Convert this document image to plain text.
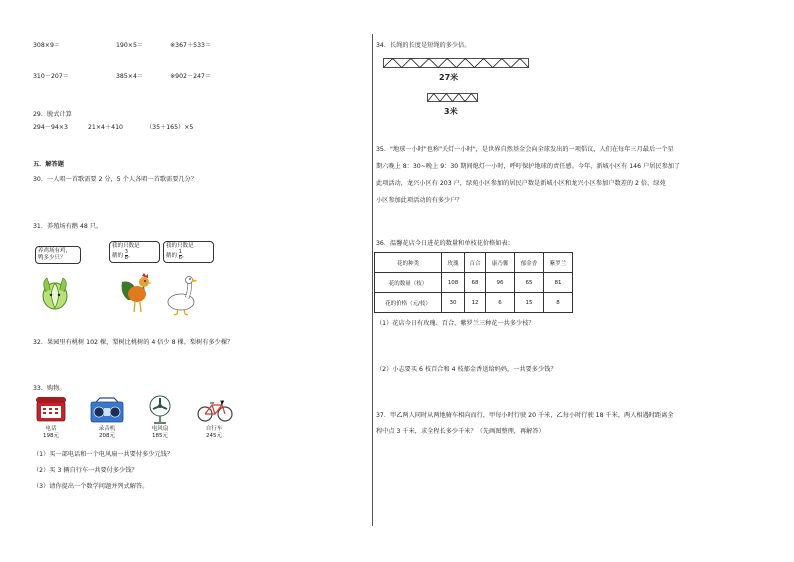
308×9＝	190×5＝	※367＋533＝
310－207＝	385×4＝	※902－247＝
29．脱式计算
294－94×3	21×4＋410	（35＋165）×5
五．解答题
30．一人唱一首歌需要 2 分，5 个人各唱一首歌需要几分？
31．养殖场有鹅 48 只。
养鸡场有鸡，
鸭多少只？
我的只数是
鹅的 $\frac{3}{8}$ 。
我的只数是
鹅的 $\frac{1}{6}$ 。
32．果园里有桃树 102 棵，梨树比桃树的 4 倍少 8 棵。梨树有多少棵？
33．购物。
电话
198元
录音机
208元
电风扇
185元
自行车
245元
（1）买一部电话和一个电风扇一共要付多少元钱？
（2）买 3 辆自行车一共要付多少钱？
（3）请你提出一个数学问题并列式解答。
34．长绳的长度是短绳的多少倍。
27米
3米
35．"地球一小时"也称"关灯一小时"，是世界自然基金会向全球发出的一项倡议，人们在每年三月最后一个星
期六晚上 8：30~晚上 9：30 期间熄灯一小时，呼吁保护地球的责任感。今年，新城小区有 146 户居民参加了
此项活动，龙兴小区有 203 户，绿苑小区参加的居民户数是新城小区和龙兴小区参加户数差的 2 倍，绿苑
小区参加此项活动的有多少户？
36．温馨花店今日进花的数量和单枝花价格如表：
花的种类	玫瑰	百合	康乃馨	郁金香	紫罗兰
花的数量（枝）	108	68	96	65	81
花的价格（元/枝）	30	12	6	15	8
（1）花店今日有玫瑰、百合、紫罗兰三种花一共多少枝？
（2）小志要买 6 枝百合和 4 枝郁金香送给妈妈，一共要多少钱？
37．甲乙两人同时从两地骑车相向而行，甲每小时行驶 20 千米，乙每小时行驶 18 千米，两人相遇时距离全
程中点 3 千米，求全程长多少千米？（先画图整理，再解答）
